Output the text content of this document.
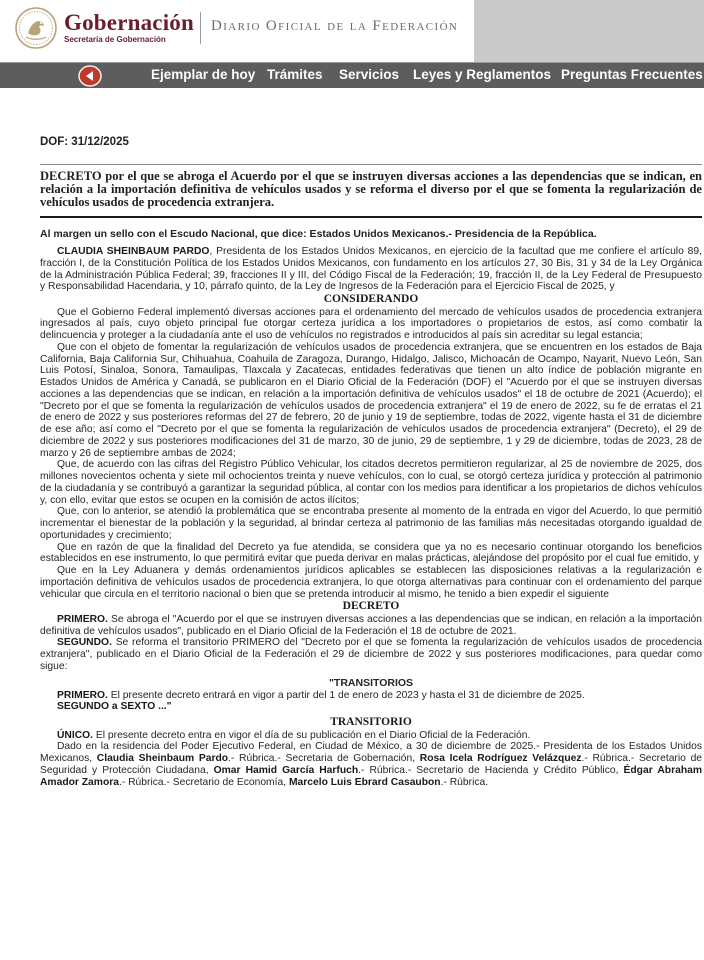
Gobernación
Secretaría de Gobernación
Diario Oficial de la Federación
Ejemplar de hoy Trámites Servicios Leyes y Reglamentos Preguntas Frecuentes
DOF: 31/12/2025
DECRETO por el que se abroga el Acuerdo por el que se instruyen diversas acciones a las dependencias que se indican, en relación a la importación definitiva de vehículos usados y se reforma el diverso por el que se fomenta la regularización de vehículos usados de procedencia extranjera.
Al margen un sello con el Escudo Nacional, que dice: Estados Unidos Mexicanos.- Presidencia de la República.

CLAUDIA SHEINBAUM PARDO, Presidenta de los Estados Unidos Mexicanos, en ejercicio de la facultad que me confiere el artículo 89, fracción I, de la Constitución Política de los Estados Unidos Mexicanos, con fundamento en los artículos 27, 30 Bis, 31 y 34 de la Ley Orgánica de la Administración Pública Federal; 39, fracciones II y III, del Código Fiscal de la Federación; 19, fracción II, de la Ley Federal de Presupuesto y Responsabilidad Hacendaria, y 10, párrafo quinto, de la Ley de Ingresos de la Federación para el Ejercicio Fiscal de 2025, y

CONSIDERANDO

Que el Gobierno Federal implementó diversas acciones para el ordenamiento del mercado de vehículos usados de procedencia extranjera ingresados al país, cuyo objeto principal fue otorgar certeza jurídica a los importadores o propietarios de estos, así como combatir la delincuencia y proteger a la ciudadanía ante el uso de vehículos no registrados e introducidos al país sin acreditar su legal estancia;

Que con el objeto de fomentar la regularización de vehículos usados de procedencia extranjera, que se encuentren en los estados de Baja California, Baja California Sur, Chihuahua, Coahuila de Zaragoza, Durango, Hidalgo, Jalisco, Michoacán de Ocampo, Nayarit, Nuevo León, San Luis Potosí, Sinaloa, Sonora, Tamaulipas, Tlaxcala y Zacatecas, entidades federativas que tienen un alto índice de población migrante en Estados Unidos de América y Canadá, se publicaron en el Diario Oficial de la Federación (DOF) el "Acuerdo por el que se instruyen diversas acciones a las dependencias que se indican, en relación a la importación definitiva de vehículos usados" el 18 de octubre de 2021 (Acuerdo); el "Decreto por el que se fomenta la regularización de vehículos usados de procedencia extranjera" el 19 de enero de 2022, su fe de erratas el 21 de enero de 2022 y sus posteriores reformas del 27 de febrero, 20 de junio y 19 de septiembre, todas de 2022, vigente hasta el 31 de diciembre de ese año; así como el "Decreto por el que se fomenta la regularización de vehículos usados de procedencia extranjera" (Decreto), el 29 de diciembre de 2022 y sus posteriores modificaciones del 31 de marzo, 30 de junio, 29 de septiembre, 1 y 29 de diciembre, todas de 2023, 28 de marzo y 26 de septiembre ambas de 2024;

Que, de acuerdo con las cifras del Registro Público Vehicular, los citados decretos permitieron regularizar, al 25 de noviembre de 2025, dos millones novecientos ochenta y siete mil ochocientos treinta y nueve vehículos, con lo cual, se otorgó certeza jurídica y protección al patrimonio de la ciudadanía y se contribuyó a garantizar la seguridad pública, al contar con los medios para identificar a los propietarios de dichos vehículos y, con ello, evitar que estos se ocupen en la comisión de actos ilícitos;

Que, con lo anterior, se atendió la problemática que se encontraba presente al momento de la entrada en vigor del Acuerdo, lo que permitió incrementar el bienestar de la población y la seguridad, al brindar certeza al patrimonio de las familias más necesitadas otorgando igualdad de oportunidades y crecimiento;

Que en razón de que la finalidad del Decreto ya fue atendida, se considera que ya no es necesario continuar otorgando los beneficios establecidos en ese instrumento, lo que permitirá evitar que pueda derivar en malas prácticas, alejándose del propósito por el cual fue emitido, y

Que en la Ley Aduanera y demás ordenamientos jurídicos aplicables se establecen las disposiciones relativas a la regularización e importación definitiva de vehículos usados de procedencia extranjera, lo que otorga alternativas para continuar con el ordenamiento del parque vehicular que circula en el territorio nacional o bien que se pretenda introducir al mismo, he tenido a bien expedir el siguiente

DECRETO

PRIMERO. Se abroga el "Acuerdo por el que se instruyen diversas acciones a las dependencias que se indican, en relación a la importación definitiva de vehículos usados", publicado en el Diario Oficial de la Federación el 18 de octubre de 2021.

SEGUNDO. Se reforma el transitorio PRIMERO del "Decreto por el que se fomenta la regularización de vehículos usados de procedencia extranjera", publicado en el Diario Oficial de la Federación el 29 de diciembre de 2022 y sus posteriores modificaciones, para quedar como sigue:

"TRANSITORIOS

PRIMERO. El presente decreto entrará en vigor a partir del 1 de enero de 2023 y hasta el 31 de diciembre de 2025.

SEGUNDO a SEXTO ..."

TRANSITORIO

ÚNICO. El presente decreto entra en vigor el día de su publicación en el Diario Oficial de la Federación.

Dado en la residencia del Poder Ejecutivo Federal, en Ciudad de México, a 30 de diciembre de 2025.- Presidenta de los Estados Unidos Mexicanos, Claudia Sheinbaum Pardo.- Rúbrica.- Secretaria de Gobernación, Rosa Icela Rodríguez Velázquez.- Rúbrica.- Secretario de Seguridad y Protección Ciudadana, Omar Hamid García Harfuch.- Rúbrica.- Secretario de Hacienda y Crédito Público, Édgar Abraham Amador Zamora.- Rúbrica.- Secretario de Economía, Marcelo Luis Ebrard Casaubon.- Rúbrica.
